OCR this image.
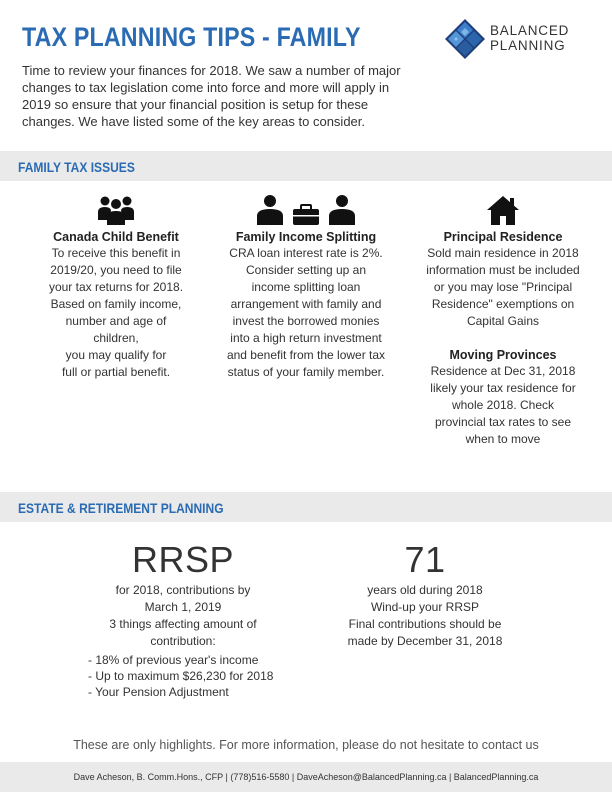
TAX PLANNING TIPS - FAMILY	BALANCED
PLANNING
Time to review your finances for 2018. We saw a number of major
changes to tax legislation come into force and more will apply in
2019 so ensure that your financial position is setup for these
changes. We have listed some of the key areas to consider.
FAMILY TAX ISSUES
Canada Child Benefit
To receive this benefit in
2019/20, you need to file
your tax returns for 2018.
Based on family income,
number and age of
children,
you may qualify for
full or partial benefit.
Family Income Splitting
CRA loan interest rate is 2%.
Consider setting up an
income splitting loan
arrangement with family and
invest the borrowed monies
into a high return investment
and benefit from the lower tax
status of your family member.
Principal Residence
Sold main residence in 2018
information must be included
or you may lose "Principal
Residence" exemptions on
Capital Gains
Moving Provinces
Residence at Dec 31, 2018
likely your tax residence for
whole 2018. Check
provincial tax rates to see
when to move
ESTATE & RETIREMENT PLANNING
RRSP
for 2018, contributions by
March 1, 2019
3 things affecting amount of
contribution:
- 18% of previous year's income
- Up to maximum $26,230 for 2018
- Your Pension Adjustment
71
years old during 2018
Wind-up your RRSP
Final contributions should be
made by December 31, 2018
These are only highlights. For more information, please do not hesitate to contact us
Dave Acheson, B. Comm.Hons., CFP | (778)516-5580 | DaveAcheson@BalancedPlanning.ca | BalancedPlanning.ca
